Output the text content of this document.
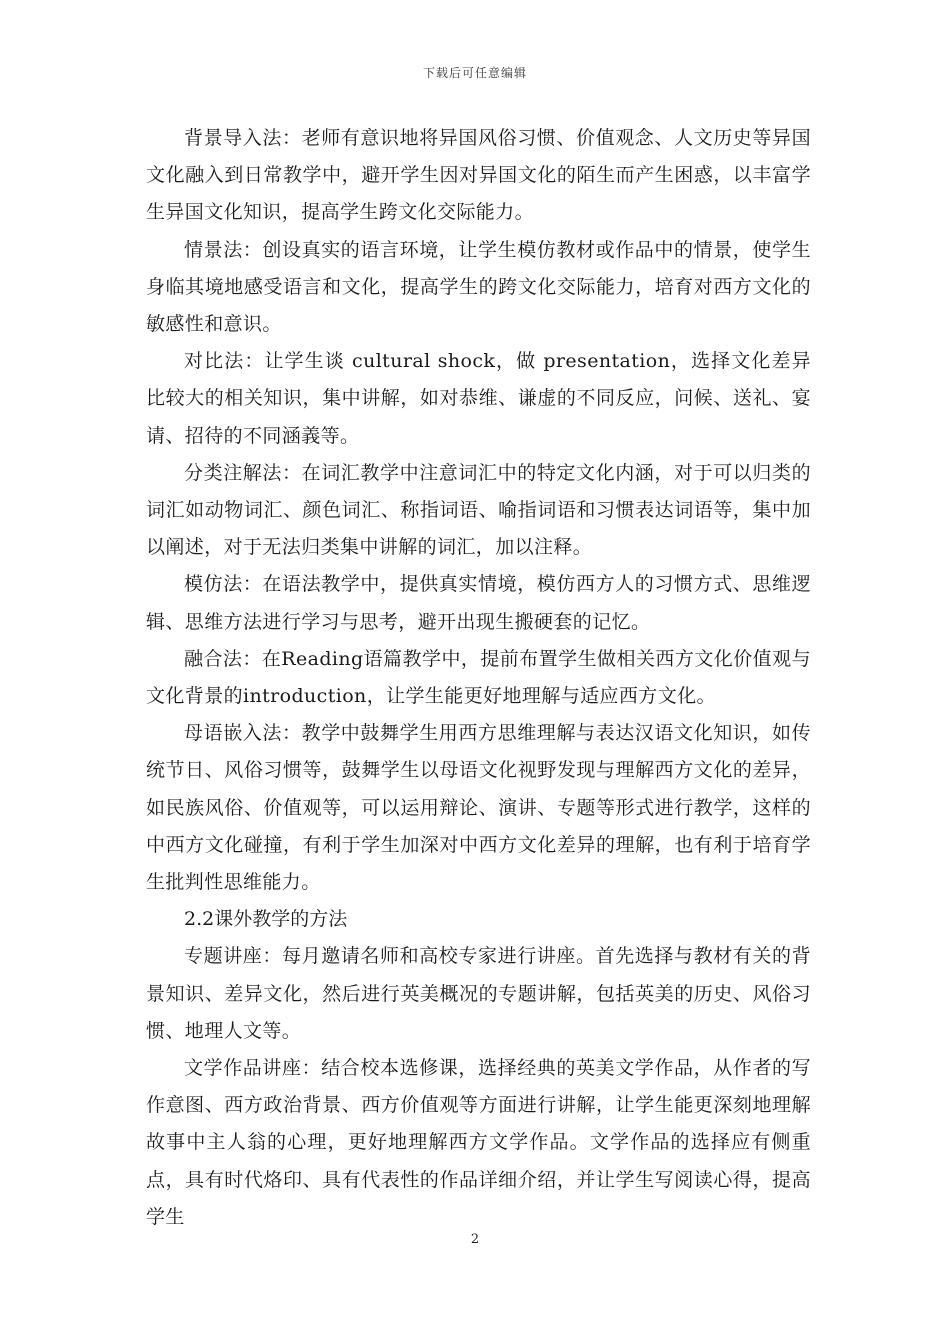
下载后可任意编辑

背景导入法：老师有意识地将异国风俗习惯、价值观念、人文历史等异国文化融入到日常教学中，避开学生因对异国文化的陌生而产生困惑，以丰富学生异国文化知识，提高学生跨文化交际能力。

情景法：创设真实的语言环境，让学生模仿教材或作品中的情景，使学生身临其境地感受语言和文化，提高学生的跨文化交际能力，培育对西方文化的敏感性和意识。

对比法：让学生谈 cultural shock，做 presentation，选择文化差异比较大的相关知识，集中讲解，如对恭维、谦虚的不同反应，问候、送礼、宴请、招待的不同涵義等。

分类注解法：在词汇教学中注意词汇中的特定文化内涵，对于可以归类的词汇如动物词汇、颜色词汇、称指词语、喻指词语和习惯表达词语等，集中加以阐述，对于无法归类集中讲解的词汇，加以注释。

模仿法：在语法教学中，提供真实情境，模仿西方人的习惯方式、思维逻辑、思维方法进行学习与思考，避开出现生搬硬套的记忆。

融合法：在Reading语篇教学中，提前布置学生做相关西方文化价值观与文化背景的introduction，让学生能更好地理解与适应西方文化。

母语嵌入法：教学中鼓舞学生用西方思维理解与表达汉语文化知识，如传统节日、风俗习惯等，鼓舞学生以母语文化视野发现与理解西方文化的差异，如民族风俗、价值观等，可以运用辩论、演讲、专题等形式进行教学，这样的中西方文化碰撞，有利于学生加深对中西方文化差异的理解，也有利于培育学生批判性思维能力。

2.2课外教学的方法

专题讲座：每月邀请名师和高校专家进行讲座。首先选择与教材有关的背景知识、差异文化，然后进行英美概况的专题讲解，包括英美的历史、风俗习惯、地理人文等。

文学作品讲座：结合校本选修课，选择经典的英美文学作品，从作者的写作意图、西方政治背景、西方价值观等方面进行讲解，让学生能更深刻地理解故事中主人翁的心理，更好地理解西方文学作品。文学作品的选择应有侧重点，具有时代烙印、具有代表性的作品详细介绍，并让学生写阅读心得，提高学生

2
